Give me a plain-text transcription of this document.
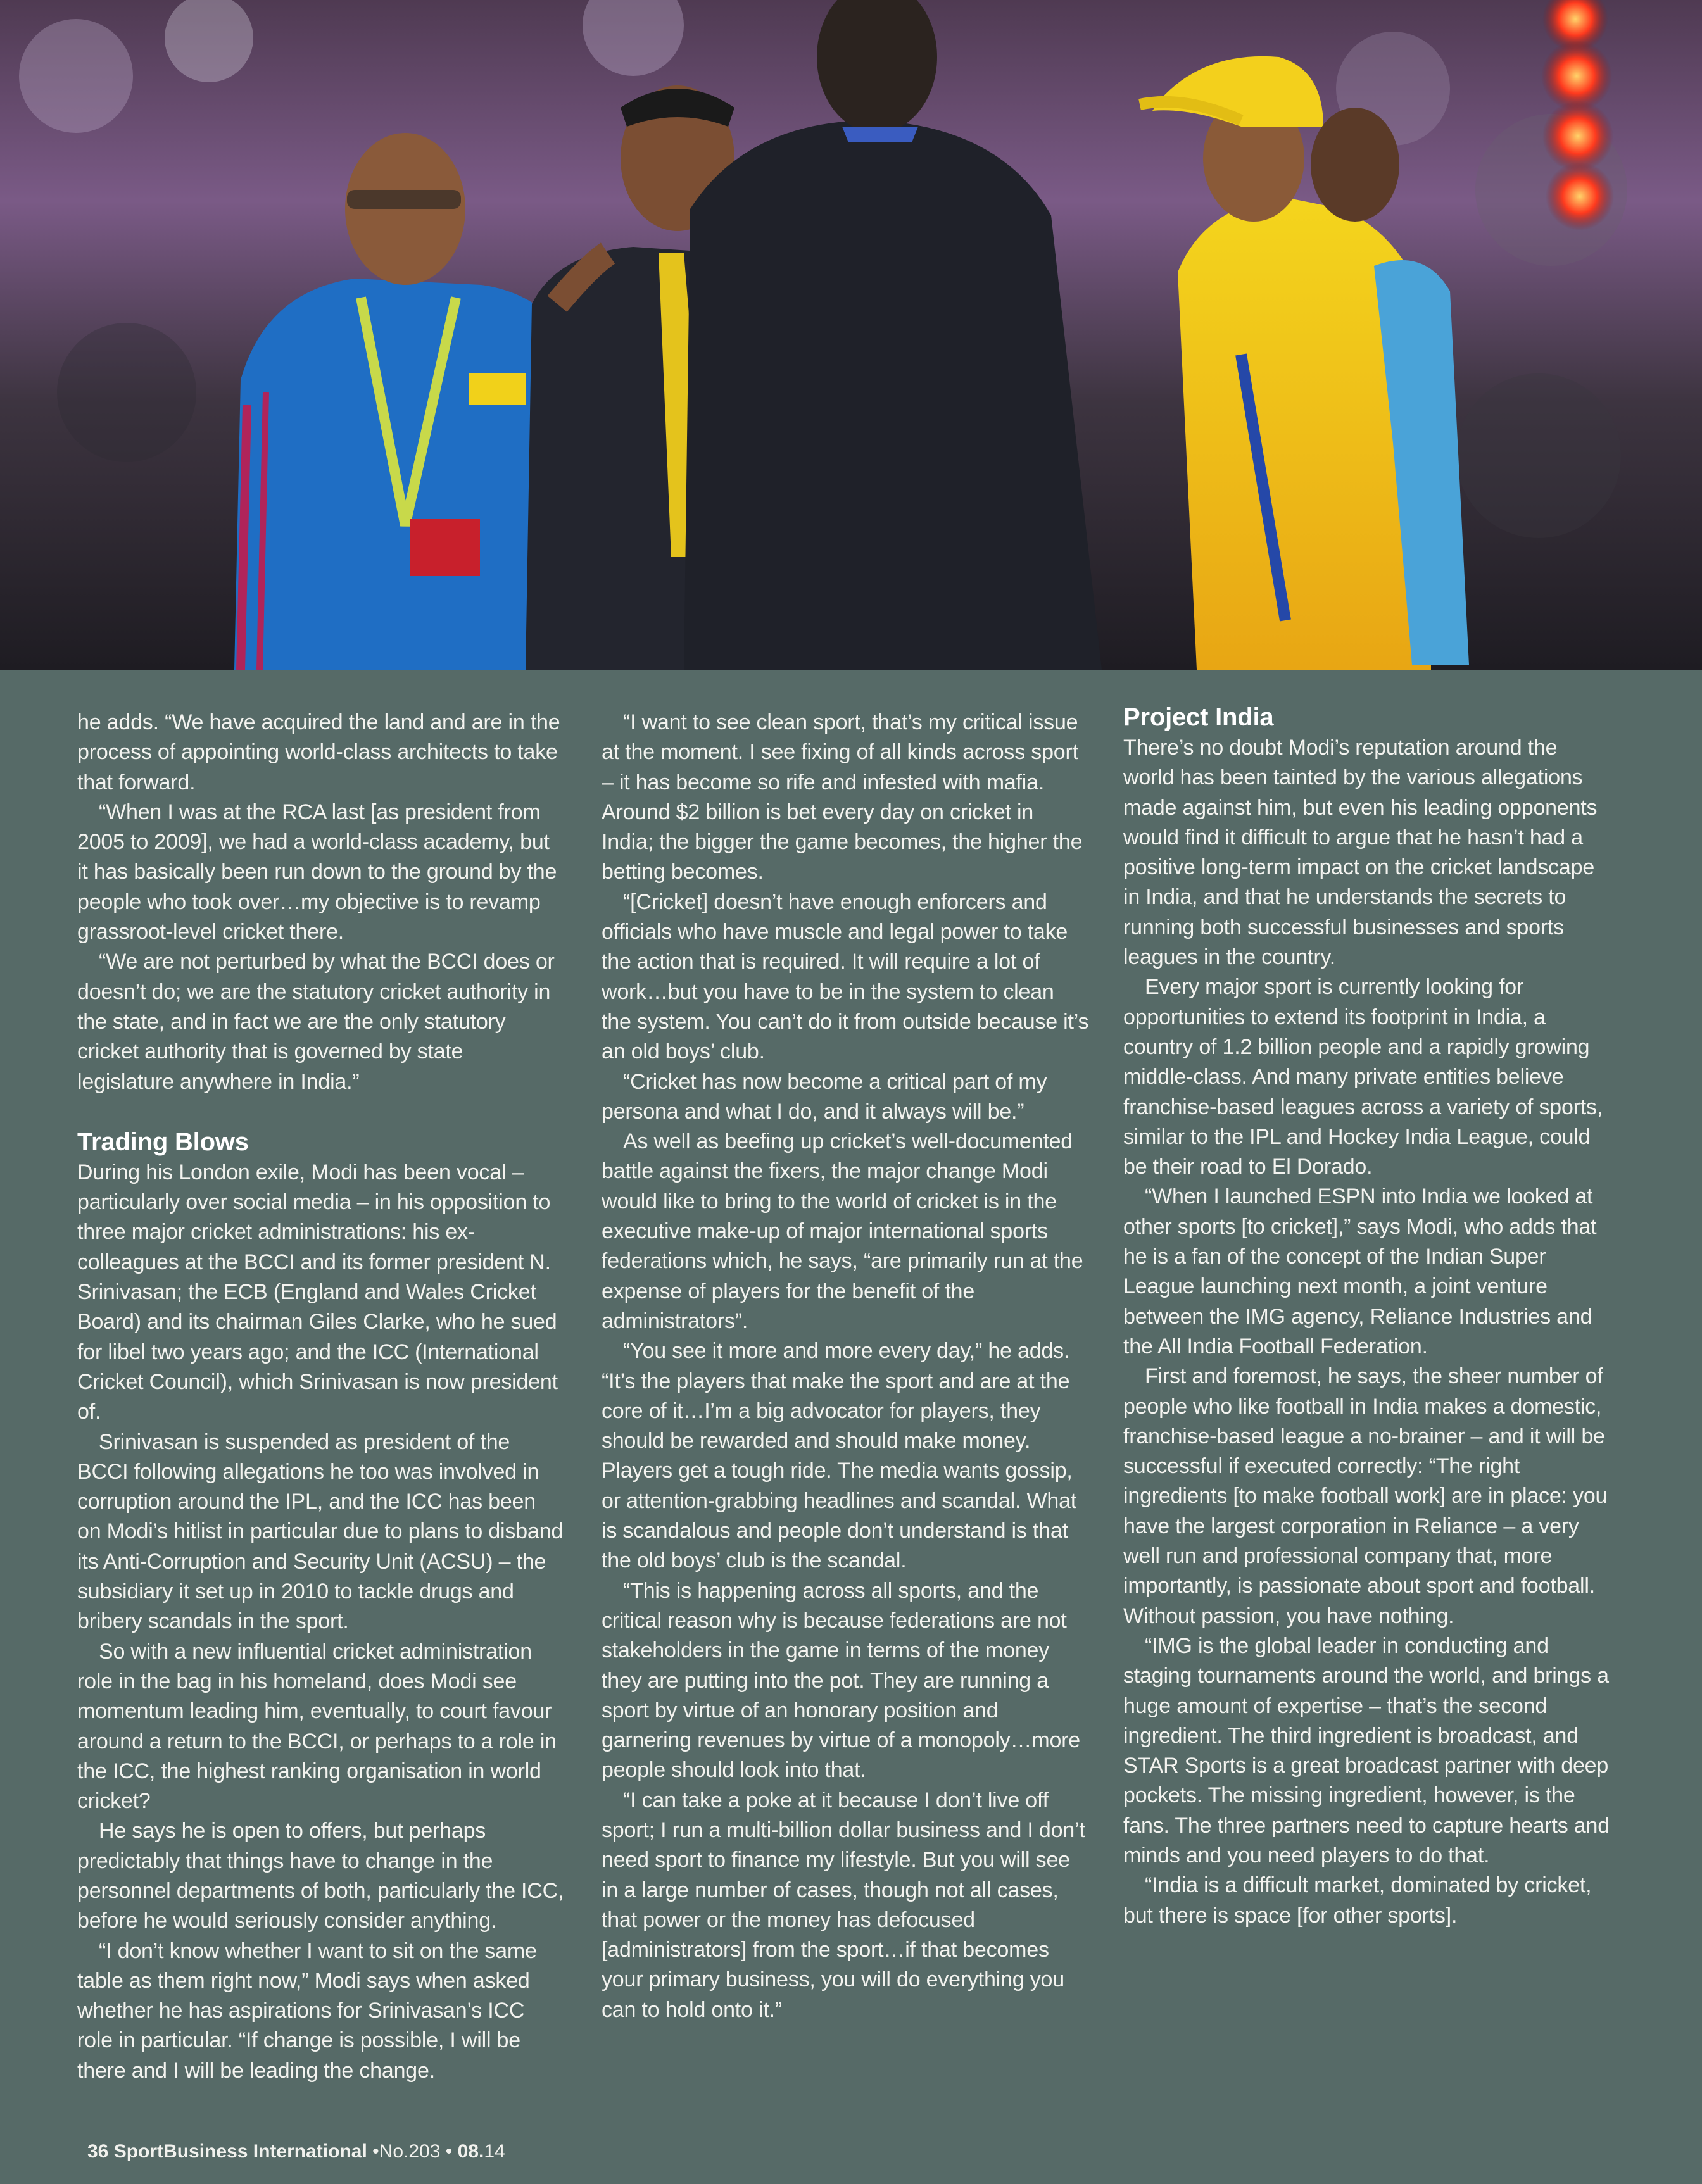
he adds. “We have acquired the land and are in the process of appointing world-class architects to take that forward.

“When I was at the RCA last [as president from 2005 to 2009], we had a world-class academy, but it has basically been run down to the ground by the people who took over…my objective is to revamp grassroot-level cricket there.

“We are not perturbed by what the BCCI does or doesn’t do; we are the statutory cricket authority in the state, and in fact we are the only statutory cricket authority that is governed by state legislature anywhere in India.”

Trading Blows

During his London exile, Modi has been vocal – particularly over social media – in his opposition to three major cricket administrations: his ex-colleagues at the BCCI and its former president N. Srinivasan; the ECB (England and Wales Cricket Board) and its chairman Giles Clarke, who he sued for libel two years ago; and the ICC (International Cricket Council), which Srinivasan is now president of.

Srinivasan is suspended as president of the BCCI following allegations he too was involved in corruption around the IPL, and the ICC has been on Modi’s hitlist in particular due to plans to disband its Anti-Corruption and Security Unit (ACSU) – the subsidiary it set up in 2010 to tackle drugs and bribery scandals in the sport.

So with a new influential cricket administration role in the bag in his homeland, does Modi see momentum leading him, eventually, to court favour around a return to the BCCI, or perhaps to a role in the ICC, the highest ranking organisation in world cricket?

He says he is open to offers, but perhaps predictably that things have to change in the personnel departments of both, particularly the ICC, before he would seriously consider anything.

“I don’t know whether I want to sit on the same table as them right now,” Modi says when asked whether he has aspirations for Srinivasan’s ICC role in particular. “If change is possible, I will be there and I will be leading the change.

“I want to see clean sport, that’s my critical issue at the moment. I see fixing of all kinds across sport – it has become so rife and infested with mafia. Around $2 billion is bet every day on cricket in India; the bigger the game becomes, the higher the betting becomes.

“[Cricket] doesn’t have enough enforcers and officials who have muscle and legal power to take the action that is required. It will require a lot of work…but you have to be in the system to clean the system. You can’t do it from outside because it’s an old boys’ club.

“Cricket has now become a critical part of my persona and what I do, and it always will be.”

As well as beefing up cricket’s well-documented battle against the fixers, the major change Modi would like to bring to the world of cricket is in the executive make-up of major international sports federations which, he says, “are primarily run at the expense of players for the benefit of the administrators”.

“You see it more and more every day,” he adds. “It’s the players that make the sport and are at the core of it…I’m a big advocator for players, they should be rewarded and should make money. Players get a tough ride. The media wants gossip, or attention-grabbing headlines and scandal. What is scandalous and people don’t understand is that the old boys’ club is the scandal.

“This is happening across all sports, and the critical reason why is because federations are not stakeholders in the game in terms of the money they are putting into the pot. They are running a sport by virtue of an honorary position and garnering revenues by virtue of a monopoly…more people should look into that.

“I can take a poke at it because I don’t live off sport; I run a multi-billion dollar business and I don’t need sport to finance my lifestyle. But you will see in a large number of cases, though not all cases, that power or the money has defocused [administrators] from the sport…if that becomes your primary business, you will do everything you can to hold onto it.”

Project India

There’s no doubt Modi’s reputation around the world has been tainted by the various allegations made against him, but even his leading opponents would find it difficult to argue that he hasn’t had a positive long-term impact on the cricket landscape in India, and that he understands the secrets to running both successful businesses and sports leagues in the country.

Every major sport is currently looking for opportunities to extend its footprint in India, a country of 1.2 billion people and a rapidly growing middle-class. And many private entities believe franchise-based leagues across a variety of sports, similar to the IPL and Hockey India League, could be their road to El Dorado.

“When I launched ESPN into India we looked at other sports [to cricket],” says Modi, who adds that he is a fan of the concept of the Indian Super League launching next month, a joint venture between the IMG agency, Reliance Industries and the All India Football Federation.

First and foremost, he says, the sheer number of people who like football in India makes a domestic, franchise-based league a no-brainer – and it will be successful if executed correctly: “The right ingredients [to make football work] are in place: you have the largest corporation in Reliance – a very well run and professional company that, more importantly, is passionate about sport and football. Without passion, you have nothing.

“IMG is the global leader in conducting and staging tournaments around the world, and brings a huge amount of expertise – that’s the second ingredient. The third ingredient is broadcast, and STAR Sports is a great broadcast partner with deep pockets. The missing ingredient, however, is the fans. The three partners need to capture hearts and minds and you need players to do that.

“India is a difficult market, dominated by cricket, but there is space [for other sports].

36 SportBusiness International •No.203 • 08.14
